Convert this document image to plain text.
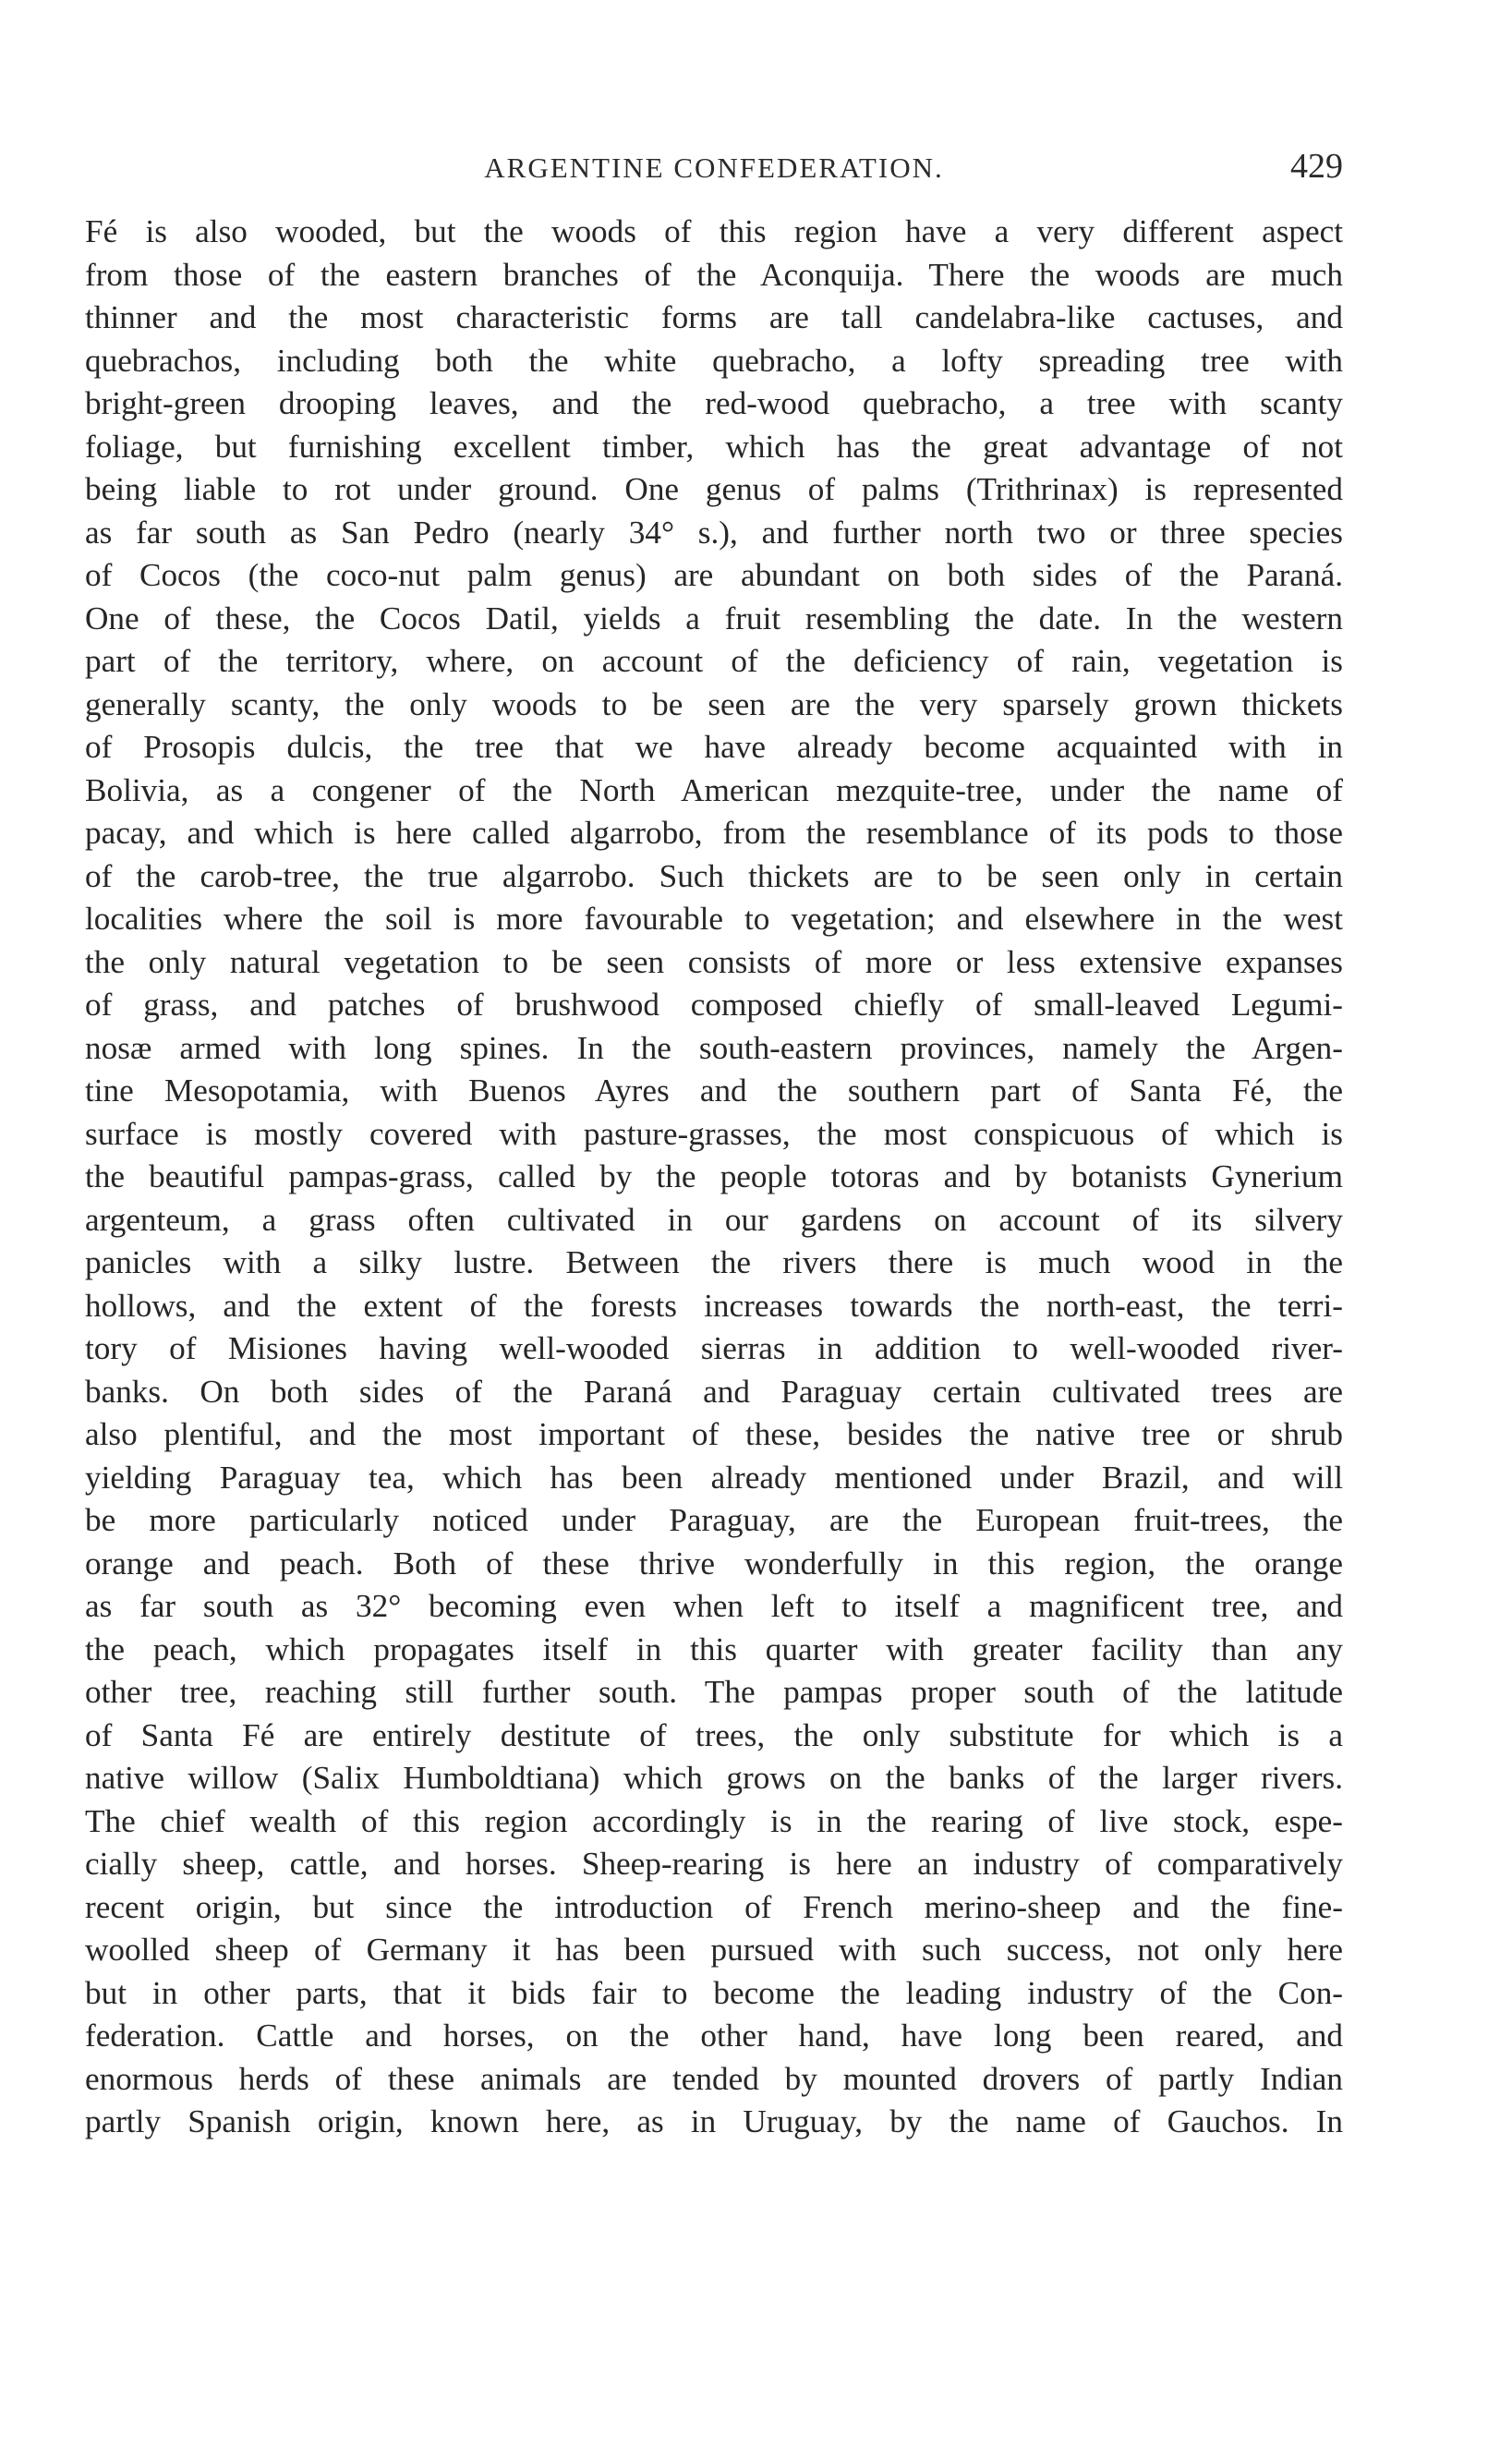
ARGENTINE CONFEDERATION.	429
Fé is also wooded, but the woods of this region have a very different aspect
from those of the eastern branches of the Aconquija. There the woods are much
thinner and the most characteristic forms are tall candelabra-like cactuses, and
quebrachos, including both the white quebracho, a lofty spreading tree with
bright-green drooping leaves, and the red-wood quebracho, a tree with scanty
foliage, but furnishing excellent timber, which has the great advantage of not
being liable to rot under ground. One genus of palms (Trithrinax) is represented
as far south as San Pedro (nearly 34° s.), and further north two or three species
of Cocos (the coco-nut palm genus) are abundant on both sides of the Paraná.
One of these, the Cocos Datil, yields a fruit resembling the date. In the western
part of the territory, where, on account of the deficiency of rain, vegetation is
generally scanty, the only woods to be seen are the very sparsely grown thickets
of Prosopis dulcis, the tree that we have already become acquainted with in
Bolivia, as a congener of the North American mezquite-tree, under the name of
pacay, and which is here called algarrobo, from the resemblance of its pods to those
of the carob-tree, the true algarrobo. Such thickets are to be seen only in certain
localities where the soil is more favourable to vegetation; and elsewhere in the west
the only natural vegetation to be seen consists of more or less extensive expanses
of grass, and patches of brushwood composed chiefly of small-leaved Legumi-
nosæ armed with long spines. In the south-eastern provinces, namely the Argen-
tine Mesopotamia, with Buenos Ayres and the southern part of Santa Fé, the
surface is mostly covered with pasture-grasses, the most conspicuous of which is
the beautiful pampas-grass, called by the people totoras and by botanists Gynerium
argenteum, a grass often cultivated in our gardens on account of its silvery
panicles with a silky lustre. Between the rivers there is much wood in the
hollows, and the extent of the forests increases towards the north-east, the terri-
tory of Misiones having well-wooded sierras in addition to well-wooded river-
banks. On both sides of the Paraná and Paraguay certain cultivated trees are
also plentiful, and the most important of these, besides the native tree or shrub
yielding Paraguay tea, which has been already mentioned under Brazil, and will
be more particularly noticed under Paraguay, are the European fruit-trees, the
orange and peach. Both of these thrive wonderfully in this region, the orange
as far south as 32° becoming even when left to itself a magnificent tree, and
the peach, which propagates itself in this quarter with greater facility than any
other tree, reaching still further south. The pampas proper south of the latitude
of Santa Fé are entirely destitute of trees, the only substitute for which is a
native willow (Salix Humboldtiana) which grows on the banks of the larger rivers.
The chief wealth of this region accordingly is in the rearing of live stock, espe-
cially sheep, cattle, and horses. Sheep-rearing is here an industry of comparatively
recent origin, but since the introduction of French merino-sheep and the fine-
woolled sheep of Germany it has been pursued with such success, not only here
but in other parts, that it bids fair to become the leading industry of the Con-
federation. Cattle and horses, on the other hand, have long been reared, and
enormous herds of these animals are tended by mounted drovers of partly Indian
partly Spanish origin, known here, as in Uruguay, by the name of Gauchos. In
